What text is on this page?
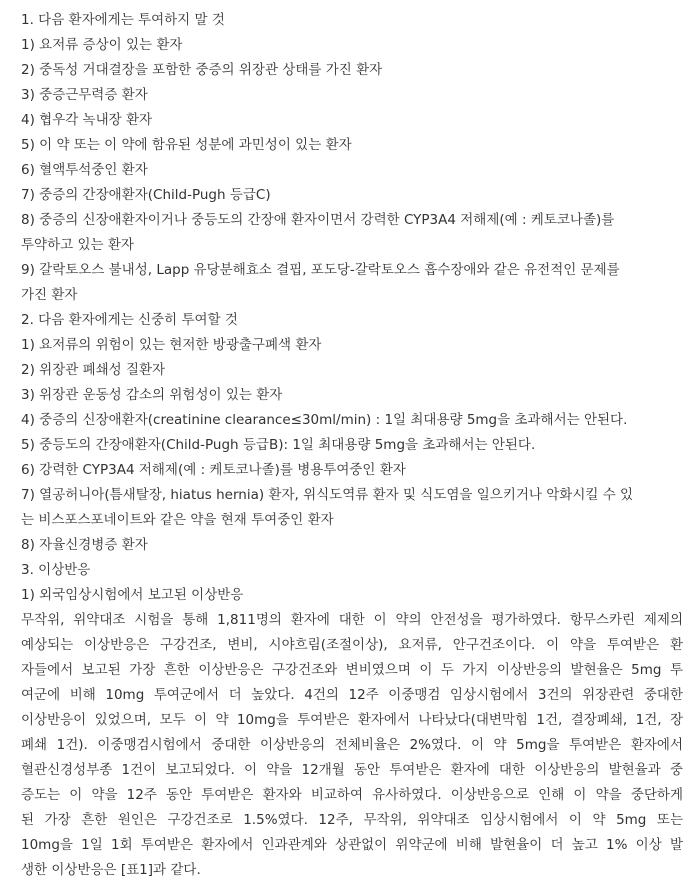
1. 다음 환자에게는 투여하지 말 것
1) 요저류 증상이 있는 환자
2) 중독성 거대결장을 포함한 중증의 위장관 상태를 가진 환자
3) 중증근무력증 환자
4) 협우각 녹내장 환자
5) 이 약 또는 이 약에 함유된 성분에 과민성이 있는 환자
6) 혈액투석중인 환자
7) 중증의 간장애환자(Child-Pugh 등급C)
8) 중증의 신장애환자이거나 중등도의 간장애 환자이면서 강력한 CYP3A4 저해제(예 : 케토코나졸)를
투약하고 있는 환자
9) 갈락토오스 불내성, Lapp 유당분해효소 결핍, 포도당-갈락토오스 흡수장애와 같은 유전적인 문제를
가진 환자
2. 다음 환자에게는 신중히 투여할 것
1) 요저류의 위험이 있는 현저한 방광출구폐색 환자
2) 위장관 폐쇄성 질환자
3) 위장관 운동성 감소의 위험성이 있는 환자
4) 중증의 신장애환자(creatinine clearance≤30ml/min) : 1일 최대용량 5mg을 초과해서는 안된다.
5) 중등도의 간장애환자(Child-Pugh 등급B): 1일 최대용량 5mg을 초과해서는 안된다.
6) 강력한 CYP3A4 저해제(예 : 케토코나졸)를 병용투여중인 환자
7) 열공허니아(틈새탈장, hiatus hernia) 환자, 위식도역류 환자 및 식도염을 일으키거나 악화시킬 수 있
는 비스포스포네이트와 같은 약을 현재 투여중인 환자
8) 자율신경병증 환자
3. 이상반응
1) 외국임상시험에서 보고된 이상반응
무작위, 위약대조 시험을 통해 1,811명의 환자에 대한 이 약의 안전성을 평가하였다. 항무스카린 제제의
예상되는 이상반응은 구강건조, 변비, 시야흐림(조절이상), 요저류, 안구건조이다. 이 약을 투여받은 환
자들에서 보고된 가장 흔한 이상반응은 구강건조와 변비였으며 이 두 가지 이상반응의 발현율은 5mg 투
여군에 비해 10mg 투여군에서 더 높았다. 4건의 12주 이중맹검 임상시험에서 3건의 위장관련 중대한
이상반응이 있었으며, 모두 이 약 10mg을 투여받은 환자에서 나타났다(대변막힘 1건, 결장폐쇄, 1건, 장
폐쇄 1건). 이중맹검시험에서 중대한 이상반응의 전체비율은 2%였다. 이 약 5mg을 투여받은 환자에서
혈관신경성부종 1건이 보고되었다. 이 약을 12개월 동안 투여받은 환자에 대한 이상반응의 발현율과 중
증도는 이 약을 12주 동안 투여받은 환자와 비교하여 유사하였다. 이상반응으로 인해 이 약을 중단하게
된 가장 흔한 원인은 구강건조로 1.5%였다. 12주, 무작위, 위약대조 임상시험에서 이 약 5mg 또는
10mg을 1일 1회 투여받은 환자에서 인과관계와 상관없이 위약군에 비해 발현율이 더 높고 1% 이상 발
생한 이상반응은 [표1]과 같다.
